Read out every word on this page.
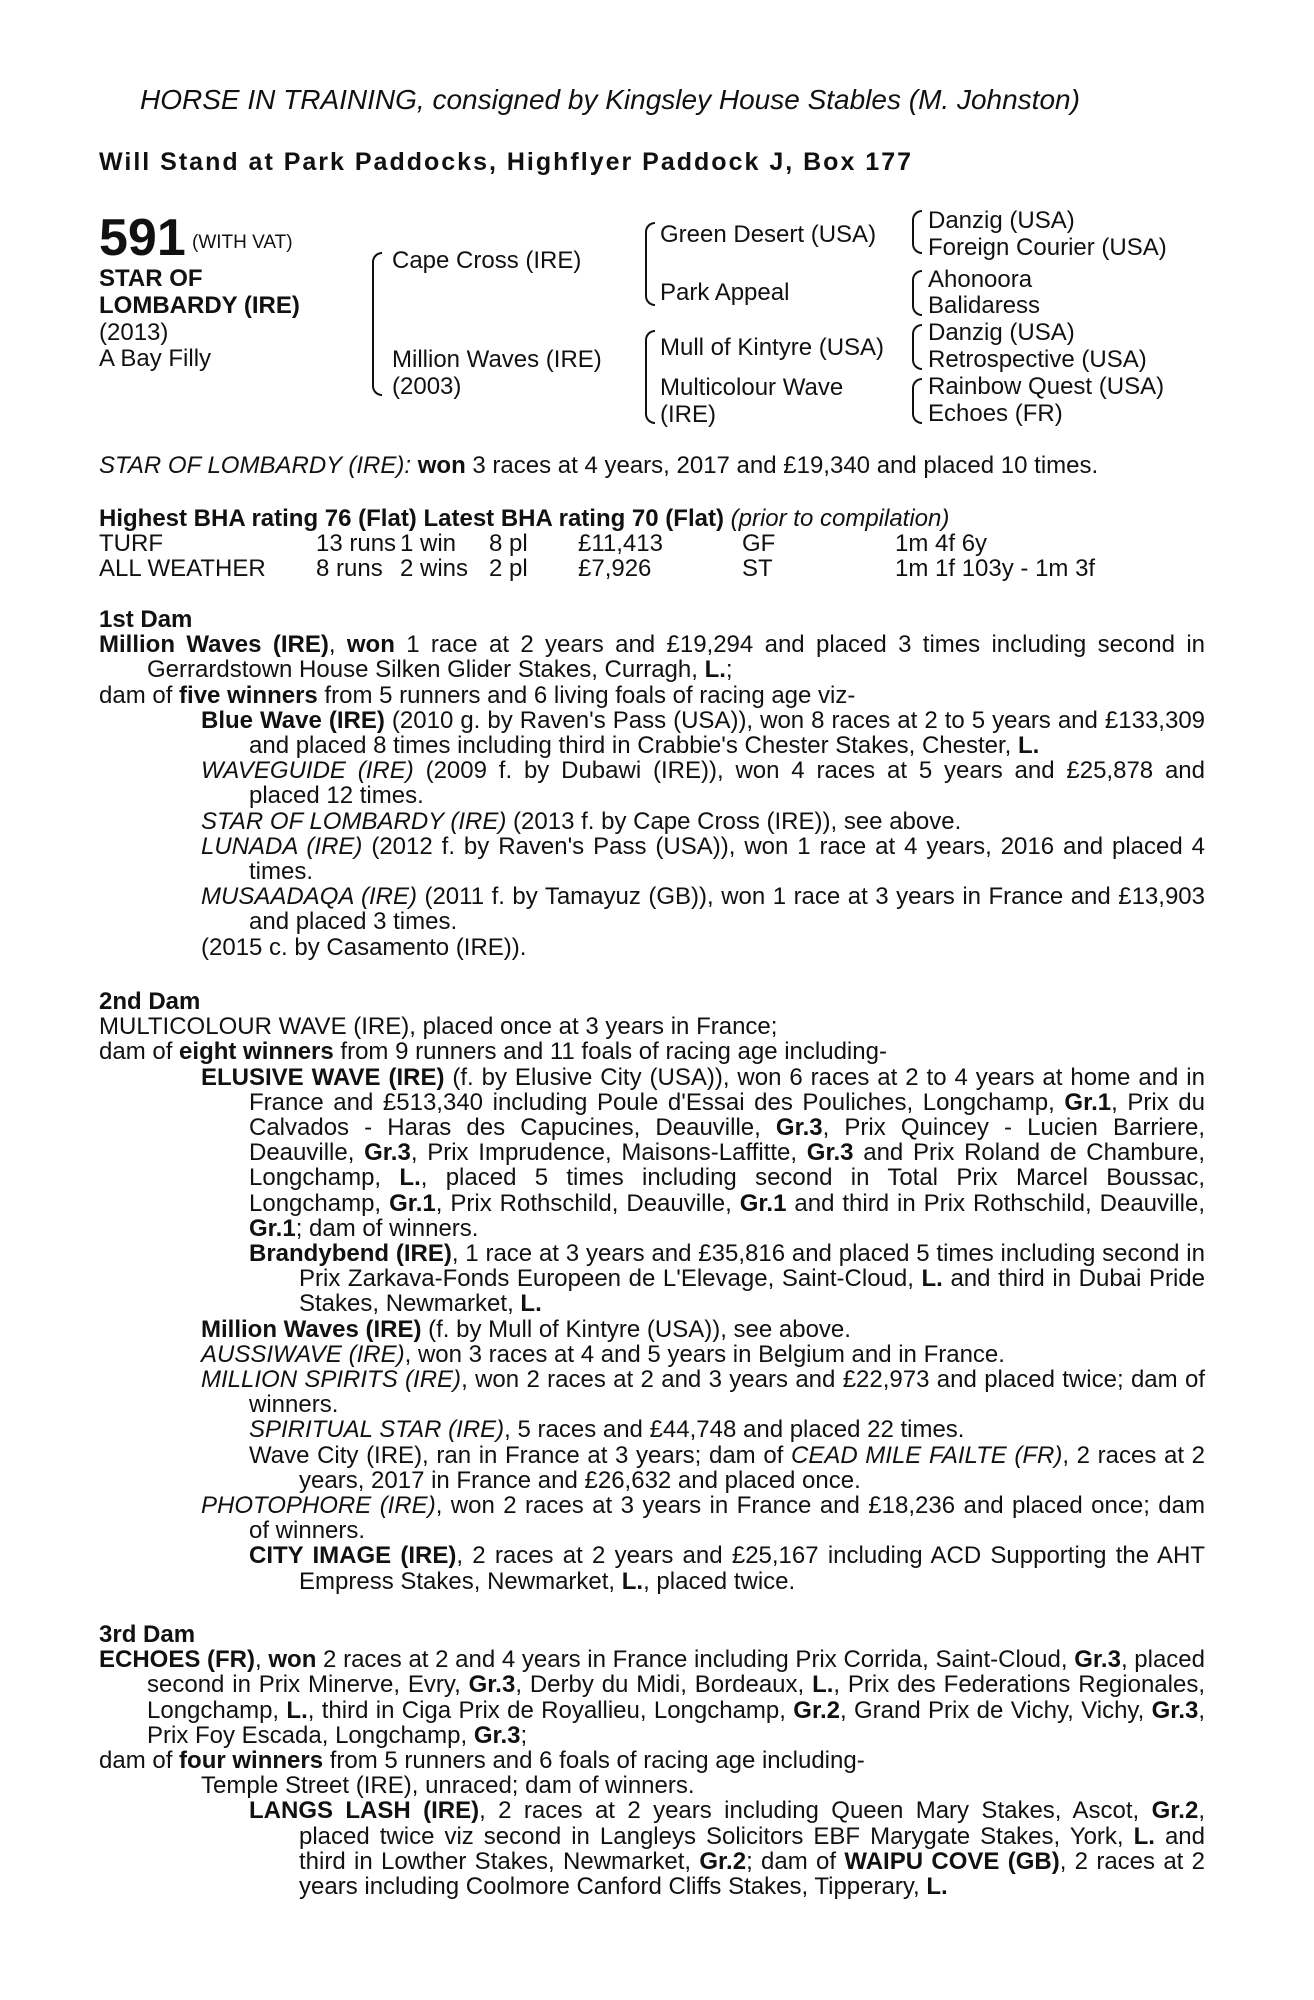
HORSE IN TRAINING, consigned by Kingsley House Stables (M. Johnston)
Will Stand at Park Paddocks, Highflyer Paddock J, Box 177
591 (WITH VAT)
STAR OF
LOMBARDY (IRE)
(2013)
A Bay Filly
Cape Cross (IRE)
Million Waves (IRE)
(2003)
Green Desert (USA)
Park Appeal
Mull of Kintyre (USA)
Multicolour Wave
(IRE)
Danzig (USA)
Foreign Courier (USA)
Ahonoora
Balidaress
Danzig (USA)
Retrospective (USA)
Rainbow Quest (USA)
Echoes (FR)

STAR OF LOMBARDY (IRE): won 3 races at 4 years, 2017 and £19,340 and placed 10 times.

Highest BHA rating 76 (Flat) Latest BHA rating 70 (Flat) (prior to compilation)
TURF	13 runs 1 win 8 pl £11,413	GF	1m 4f 6y
ALL WEATHER 8 runs 2 wins 2 pl £7,926	ST	1m 1f 103y - 1m 3f

1st Dam

Million Waves (IRE), won 1 race at 2 years and £19,294 and placed 3 times including second in Gerrardstown House Silken Glider Stakes, Curragh, L.;

dam of five winners from 5 runners and 6 living foals of racing age viz-

Blue Wave (IRE) (2010 g. by Raven's Pass (USA)), won 8 races at 2 to 5 years and £133,309 and placed 8 times including third in Crabbie's Chester Stakes, Chester, L.

WAVEGUIDE (IRE) (2009 f. by Dubawi (IRE)), won 4 races at 5 years and £25,878 and placed 12 times.

STAR OF LOMBARDY (IRE) (2013 f. by Cape Cross (IRE)), see above.

LUNADA (IRE) (2012 f. by Raven's Pass (USA)), won 1 race at 4 years, 2016 and placed 4 times.

MUSAADAQA (IRE) (2011 f. by Tamayuz (GB)), won 1 race at 3 years in France and £13,903 and placed 3 times.

(2015 c. by Casamento (IRE)).

2nd Dam

MULTICOLOUR WAVE (IRE), placed once at 3 years in France;

dam of eight winners from 9 runners and 11 foals of racing age including-

ELUSIVE WAVE (IRE) (f. by Elusive City (USA)), won 6 races at 2 to 4 years at home and in France and £513,340 including Poule d'Essai des Pouliches, Longchamp, Gr.1, Prix du Calvados - Haras des Capucines, Deauville, Gr.3, Prix Quincey - Lucien Barriere, Deauville, Gr.3, Prix Imprudence, Maisons-Laffitte, Gr.3 and Prix Roland de Chambure, Longchamp, L., placed 5 times including second in Total Prix Marcel Boussac, Longchamp, Gr.1, Prix Rothschild, Deauville, Gr.1 and third in Prix Rothschild, Deauville, Gr.1; dam of winners.

Brandybend (IRE), 1 race at 3 years and £35,816 and placed 5 times including second in Prix Zarkava-Fonds Europeen de L'Elevage, Saint-Cloud, L. and third in Dubai Pride Stakes, Newmarket, L.

Million Waves (IRE) (f. by Mull of Kintyre (USA)), see above.

AUSSIWAVE (IRE), won 3 races at 4 and 5 years in Belgium and in France.

MILLION SPIRITS (IRE), won 2 races at 2 and 3 years and £22,973 and placed twice; dam of winners.

SPIRITUAL STAR (IRE), 5 races and £44,748 and placed 22 times.

Wave City (IRE), ran in France at 3 years; dam of CEAD MILE FAILTE (FR), 2 races at 2 years, 2017 in France and £26,632 and placed once.

PHOTOPHORE (IRE), won 2 races at 3 years in France and £18,236 and placed once; dam of winners.

CITY IMAGE (IRE), 2 races at 2 years and £25,167 including ACD Supporting the AHT Empress Stakes, Newmarket, L., placed twice.

3rd Dam

ECHOES (FR), won 2 races at 2 and 4 years in France including Prix Corrida, Saint-Cloud, Gr.3, placed second in Prix Minerve, Evry, Gr.3, Derby du Midi, Bordeaux, L., Prix des Federations Regionales, Longchamp, L., third in Ciga Prix de Royallieu, Longchamp, Gr.2, Grand Prix de Vichy, Vichy, Gr.3, Prix Foy Escada, Longchamp, Gr.3;

dam of four winners from 5 runners and 6 foals of racing age including-

Temple Street (IRE), unraced; dam of winners.

LANGS LASH (IRE), 2 races at 2 years including Queen Mary Stakes, Ascot, Gr.2, placed twice viz second in Langleys Solicitors EBF Marygate Stakes, York, L. and third in Lowther Stakes, Newmarket, Gr.2; dam of WAIPU COVE (GB), 2 races at 2 years including Coolmore Canford Cliffs Stakes, Tipperary, L.
